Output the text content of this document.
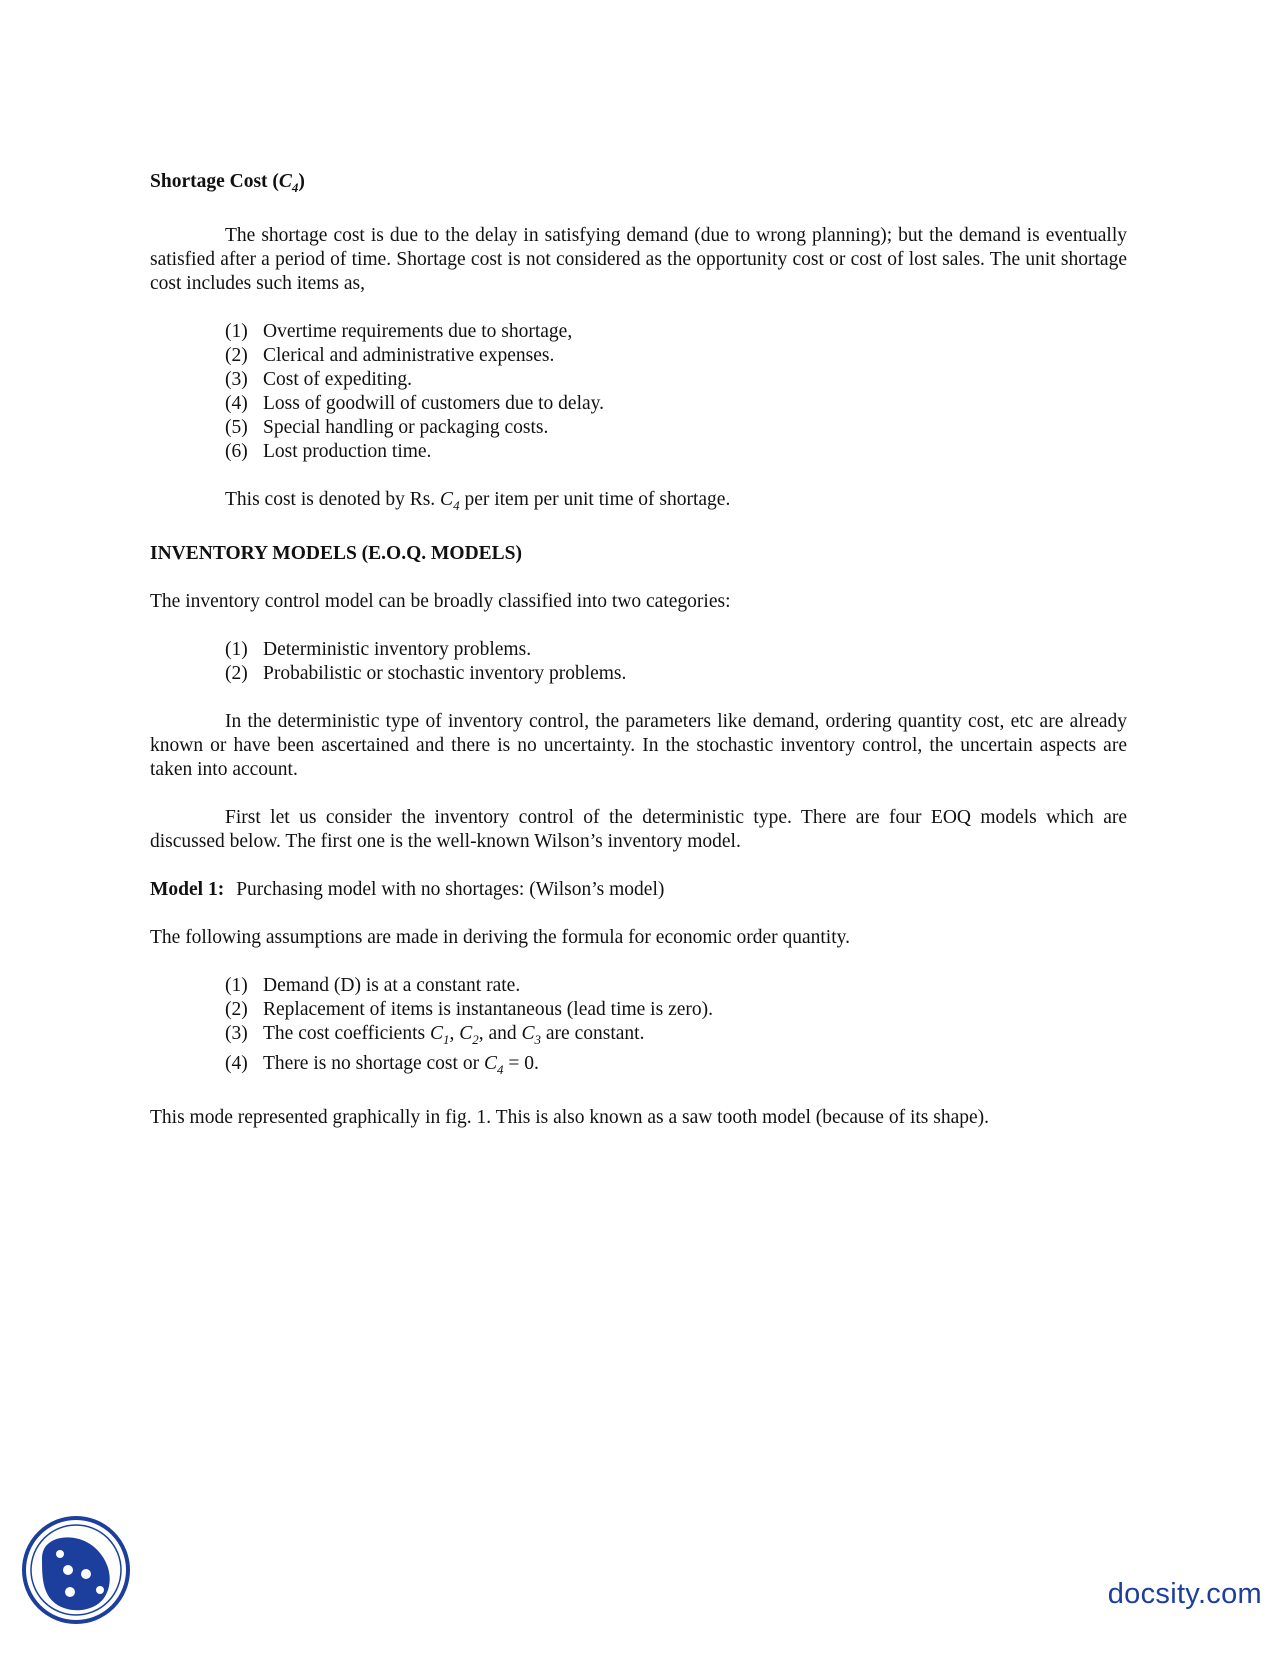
Shortage Cost $(C_4)$

The shortage cost is due to the delay in satisfying demand (due to wrong planning); but the demand is eventually satisfied after a period of time. Shortage cost is not considered as the opportunity cost or cost of lost sales. The unit shortage cost includes such items as,

(1) Overtime requirements due to shortage,
(2) Clerical and administrative expenses.
(3) Cost of expediting.
(4) Loss of goodwill of customers due to delay.
(5) Special handling or packaging costs.
(6) Lost production time.

This cost is denoted by Rs. $C_4$ per item per unit time of shortage.

INVENTORY MODELS (E.O.Q. MODELS)

The inventory control model can be broadly classified into two categories:

(1) Deterministic inventory problems.
(2) Probabilistic or stochastic inventory problems.

In the deterministic type of inventory control, the parameters like demand, ordering quantity cost, etc are already known or have been ascertained and there is no uncertainty. In the stochastic inventory control, the uncertain aspects are taken into account.

First let us consider the inventory control of the deterministic type. There are four EOQ models which are discussed below. The first one is the well-known Wilson’s inventory model.

Model 1: Purchasing model with no shortages: (Wilson’s model)

The following assumptions are made in deriving the formula for economic order quantity.

(1) Demand (D) is at a constant rate.
(2) Replacement of items is instantaneous (lead time is zero).
(3) The cost coefficients $C_1$, $C_2$, and $C_3$ are constant.
(4) There is no shortage cost or $C_4 = 0$.

This mode represented graphically in fig. 1. This is also known as a saw tooth model (because of its shape).

docsity.com
